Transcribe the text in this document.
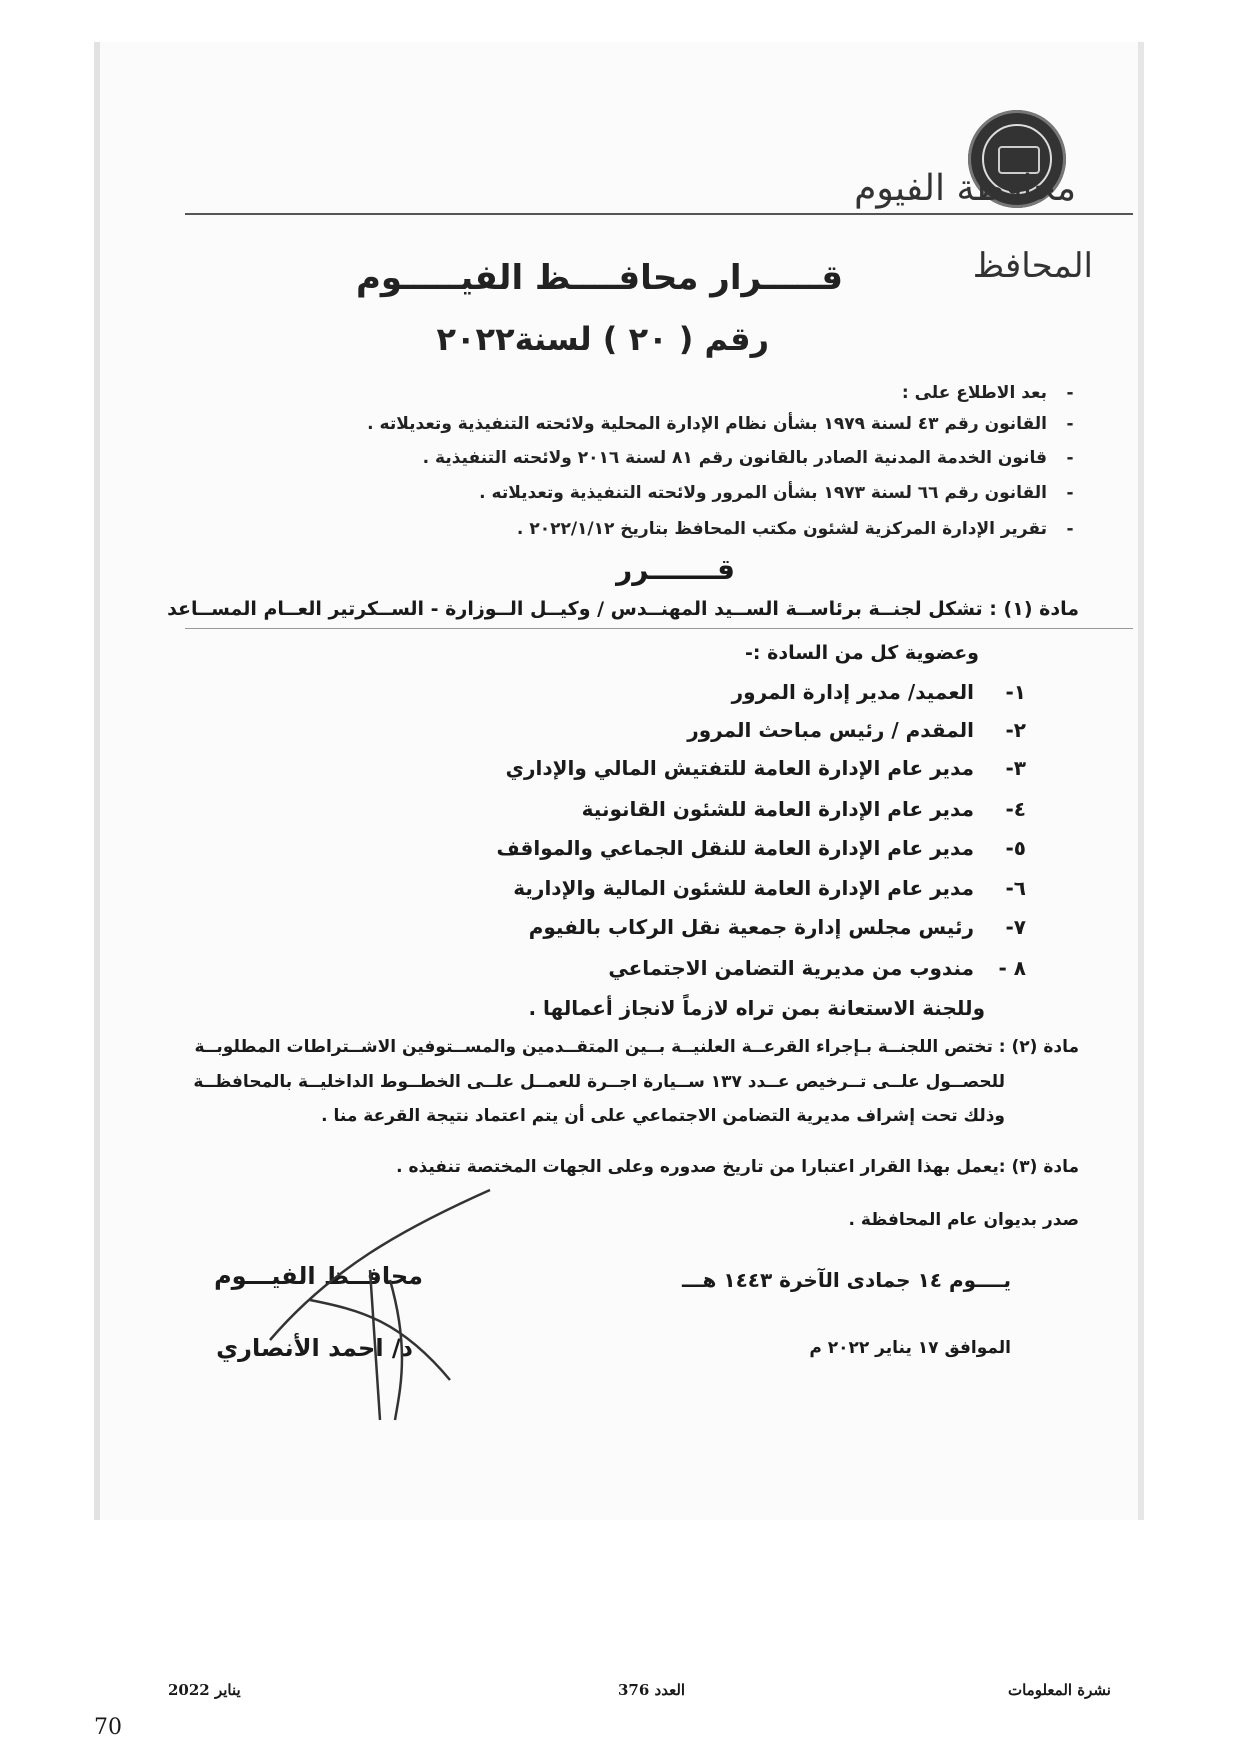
محافظة الفيوم
المحافظ
قـــــرار محافــــظ الفيـــــوم
رقم ( ٢٠ ) لسنة٢٠٢٢
-بعد الاطلاع على :
-القانون رقم ٤٣ لسنة ١٩٧٩ بشأن نظام الإدارة المحلية ولائحته التنفيذية وتعديلاته .
-قانون الخدمة المدنية الصادر بالقانون رقم ٨١ لسنة ٢٠١٦ ولائحته التنفيذية .
-القانون رقم ٦٦ لسنة ١٩٧٣ بشأن المرور ولائحته التنفيذية وتعديلاته .
-تقرير الإدارة المركزية لشئون مكتب المحافظ بتاريخ ٢٠٢٢/١/١٢ .
قـــــــرر
مادة (١) : تشكل لجنــة برئاســة الســيد المهنــدس / وكيــل الــوزارة - الســكرتير العــام المســاعد
وعضوية كل من السادة :-
١-العميد/ مدير إدارة المرور
٢-المقدم / رئيس مباحث المرور
٣-مدير عام الإدارة العامة للتفتيش المالي والإداري
٤-مدير عام الإدارة العامة للشئون القانونية
٥-مدير عام الإدارة العامة للنقل الجماعي والمواقف
٦-مدير عام الإدارة العامة للشئون المالية والإدارية
٧-رئيس مجلس إدارة جمعية نقل الركاب بالفيوم
٨ -مندوب من مديرية التضامن الاجتماعي
وللجنة الاستعانة بمن تراه لازماً لانجاز أعمالها .
مادة (٢) : تختص اللجنــة بـإجراء القرعــة العلنيــة بــين المتقــدمين والمســتوفين الاشــتراطات المطلوبــة
للحصــول علــى تــرخيص عــدد ١٣٧ ســيارة اجــرة للعمــل علــى الخطــوط الداخليــة بالمحافظــة
وذلك تحت إشراف مديرية التضامن الاجتماعي على أن يتم اعتماد نتيجة القرعة منا .
مادة (٣) :يعمل بهذا القرار اعتبارا من تاريخ صدوره وعلى الجهات المختصة تنفيذه .
صدر بديوان عام المحافظة .
يــــوم ١٤ جمادى الآخرة ١٤٤٣ هـــ
الموافق ١٧ يناير ٢٠٢٢ م
محافــظ الفيـــوم
د/ احمد الأنصاري
نشرة المعلومات
العدد 376
يناير 2022
70
